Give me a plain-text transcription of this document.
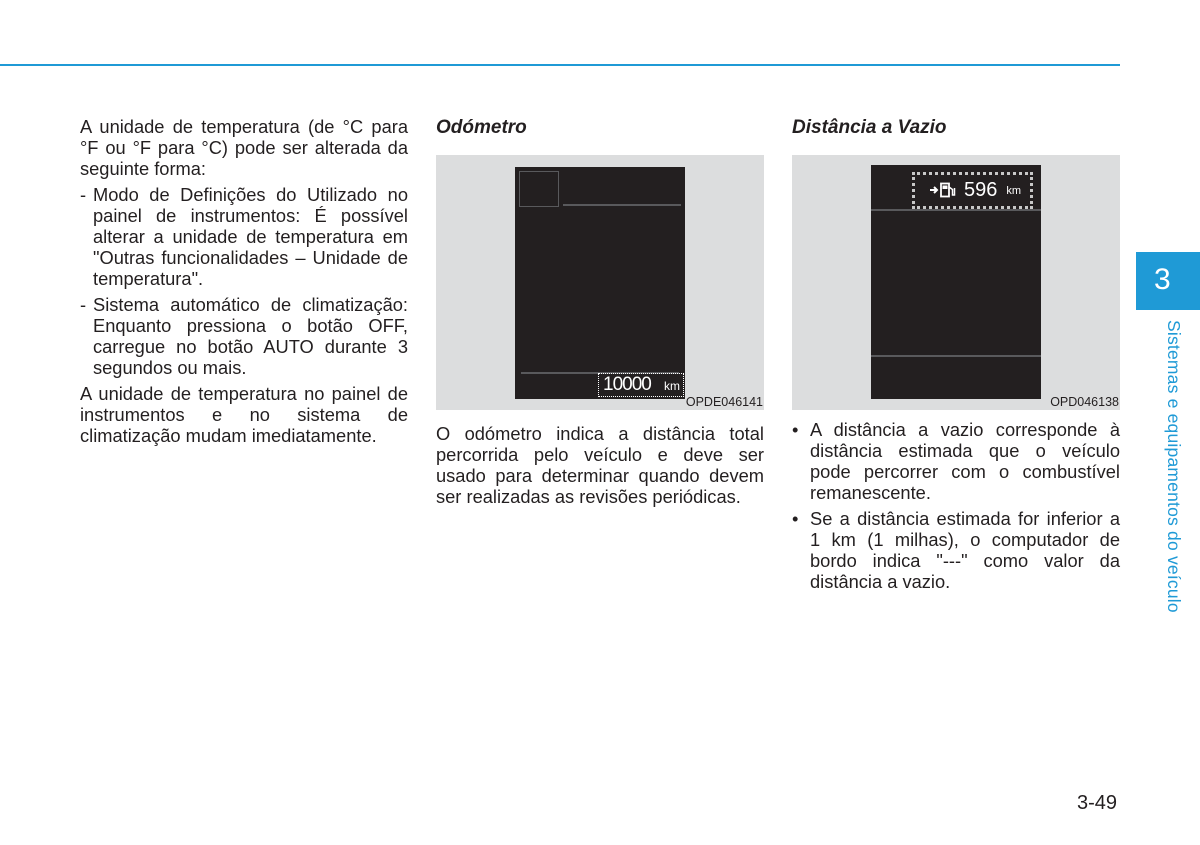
A unidade de temperatura (de °C para °F ou °F para °C) pode ser alterada da seguinte forma:

- Modo de Definições do Utilizado no painel de instrumentos: É possível alterar a unidade de temperatura em "Outras funcionalidades – Unidade de temperatura".
- Sistema automático de climatização: Enquanto pressiona o botão OFF, carregue no botão AUTO durante 3 segundos ou mais.

A unidade de temperatura no painel de instrumentos e no sistema de climatização mudam imediatamente.

Odómetro
10000 km
OPDE046141

O odómetro indica a distância total percorrida pelo veículo e deve ser usado para determinar quando devem ser realizadas as revisões periódicas.

Distância a Vazio
596 km
OPD046138
• A distância a vazio corresponde à distância estimada que o veículo pode percorrer com o combustível remanescente.
• Se a distância estimada for inferior a 1 km (1 milhas), o computador de bordo indica "---" como valor da distância a vazio.
3
Sistemas e equipamentos do veículo
3-49
